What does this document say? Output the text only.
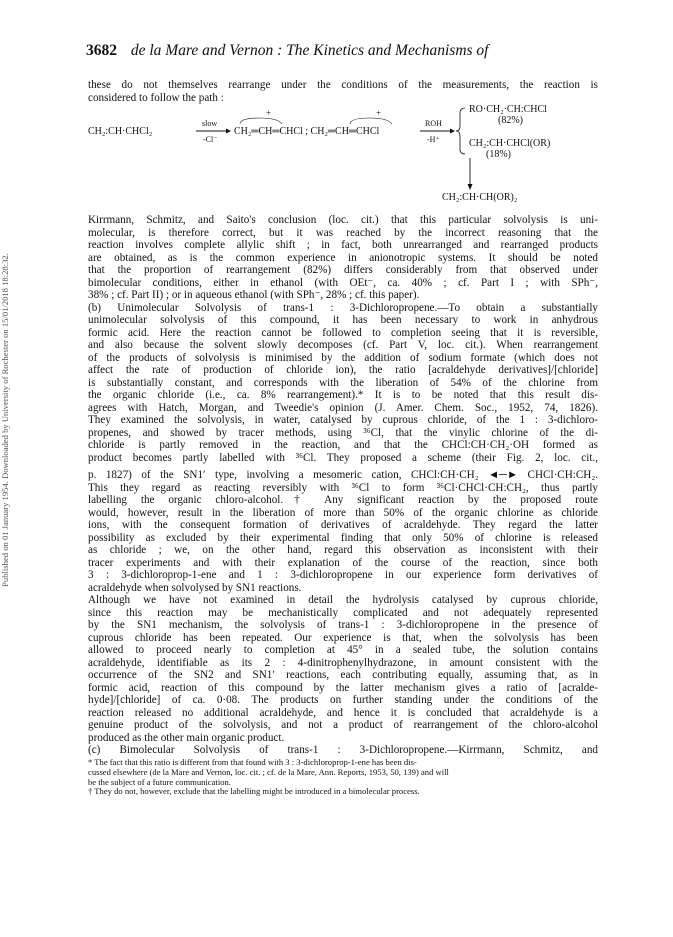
Published on 01 January 1954. Downloaded by University of Rochester on 15/01/2018 18:28:32.
3682 de la Mare and Vernon : The Kinetics and Mechanisms of
these do not themselves rearrange under the conditions of the measurements, the reaction is
considered to follow the path :
CH₂:CH·CHCl₂
slow
-Cl⁻
+	+
CH₂═CH═CHCl ; CH₂═CH═CHCl
ROH
-H⁺
RO·CH₂·CH:CHCl
(82%)
CH₂:CH·CHCl(OR)
(18%)
CH₂:CH·CH(OR)₂
Kirrmann, Schmitz, and Saito's conclusion (loc. cit.) that this particular solvolysis is uni-
molecular, is therefore correct, but it was reached by the incorrect reasoning that the
reaction involves complete allylic shift ; in fact, both unrearranged and rearranged products
are obtained, as is the common experience in anionotropic systems. It should be noted
that the proportion of rearrangement (82%) differs considerably from that observed under
bimolecular conditions, either in ethanol (with OEt⁻, ca. 40% ; cf. Part I ; with SPh⁻,
38% ; cf. Part II) ; or in aqueous ethanol (with SPh⁻, 28% ; cf. this paper).
(b) Unimolecular Solvolysis of trans-1 : 3-Dichloropropene.—To obtain a substantially
unimolecular solvolysis of this compound, it has been necessary to work in anhydrous
formic acid. Here the reaction cannot be followed to completion seeing that it is reversible,
and also because the solvent slowly decomposes (cf. Part V, loc. cit.). When rearrangement
of the products of solvolysis is minimised by the addition of sodium formate (which does not
affect the rate of production of chloride ion), the ratio [acraldehyde derivatives]/[chloride]
is substantially constant, and corresponds with the liberation of 54% of the chlorine from
the organic chloride (i.e., ca. 8% rearrangement).* It is to be noted that this result dis-
agrees with Hatch, Morgan, and Tweedie's opinion (J. Amer. Chem. Soc., 1952, 74, 1826).
They examined the solvolysis, in water, catalysed by cuprous chloride, of the 1 : 3-dichloro-
propenes, and showed by tracer methods, using ³⁶Cl, that the vinylic chlorine of the di-
chloride is partly removed in the reaction, and that the CHCl:CH·CH₂·OH formed as
product becomes partly labelled with ³⁶Cl. They proposed a scheme (their Fig. 2, loc. cit.,
p. 1827) of the SN1′ type, involving a mesomeric cation, CHCl:CH·CH₂ ◄─► CHCl·CH:CH₂.
This they regard as reacting reversibly with ³⁶Cl to form ³⁶Cl·CHCl·CH:CH₂, thus partly
labelling the organic chloro-alcohol.† Any significant reaction by the proposed route
would, however, result in the liberation of more than 50% of the organic chlorine as chloride
ions, with the consequent formation of derivatives of acraldehyde. They regard the latter
possibility as excluded by their experimental finding that only 50% of chlorine is released
as chloride ; we, on the other hand, regard this observation as inconsistent with their
tracer experiments and with their explanation of the course of the reaction, since both
3 : 3-dichloroprop-1-ene and 1 : 3-dichloropropene in our experience form derivatives of
acraldehyde when solvolysed by SN1 reactions.
Although we have not examined in detail the hydrolysis catalysed by cuprous chloride,
since this reaction may be mechanistically complicated and not adequately represented
by the SN1 mechanism, the solvolysis of trans-1 : 3-dichloropropene in the presence of
cuprous chloride has been repeated. Our experience is that, when the solvolysis has been
allowed to proceed nearly to completion at 45° in a sealed tube, the solution contains
acraldehyde, identifiable as its 2 : 4-dinitrophenylhydrazone, in amount consistent with the
occurrence of the SN2 and SN1′ reactions, each contributing equally, assuming that, as in
formic acid, reaction of this compound by the latter mechanism gives a ratio of [acralde-
hyde]/[chloride] of ca. 0·08. The products on further standing under the conditions of the
reaction released no additional acraldehyde, and hence it is concluded that acraldehyde is a
genuine product of the solvolysis, and not a product of rearrangement of the chloro-alcohol
produced as the other main organic product.
(c) Bimolecular Solvolysis of trans-1 : 3-Dichloropropene.—Kirrmann, Schmitz, and
* The fact that this ratio is different from that found with 3 : 3-dichloroprop-1-ene has been dis-
cussed elsewhere (de la Mare and Vernon, loc. cit. ; cf. de la Mare, Ann. Reports, 1953, 50, 139) and will
be the subject of a future communication.
† They do not, however, exclude that the labelling might be introduced in a bimolecular process.
